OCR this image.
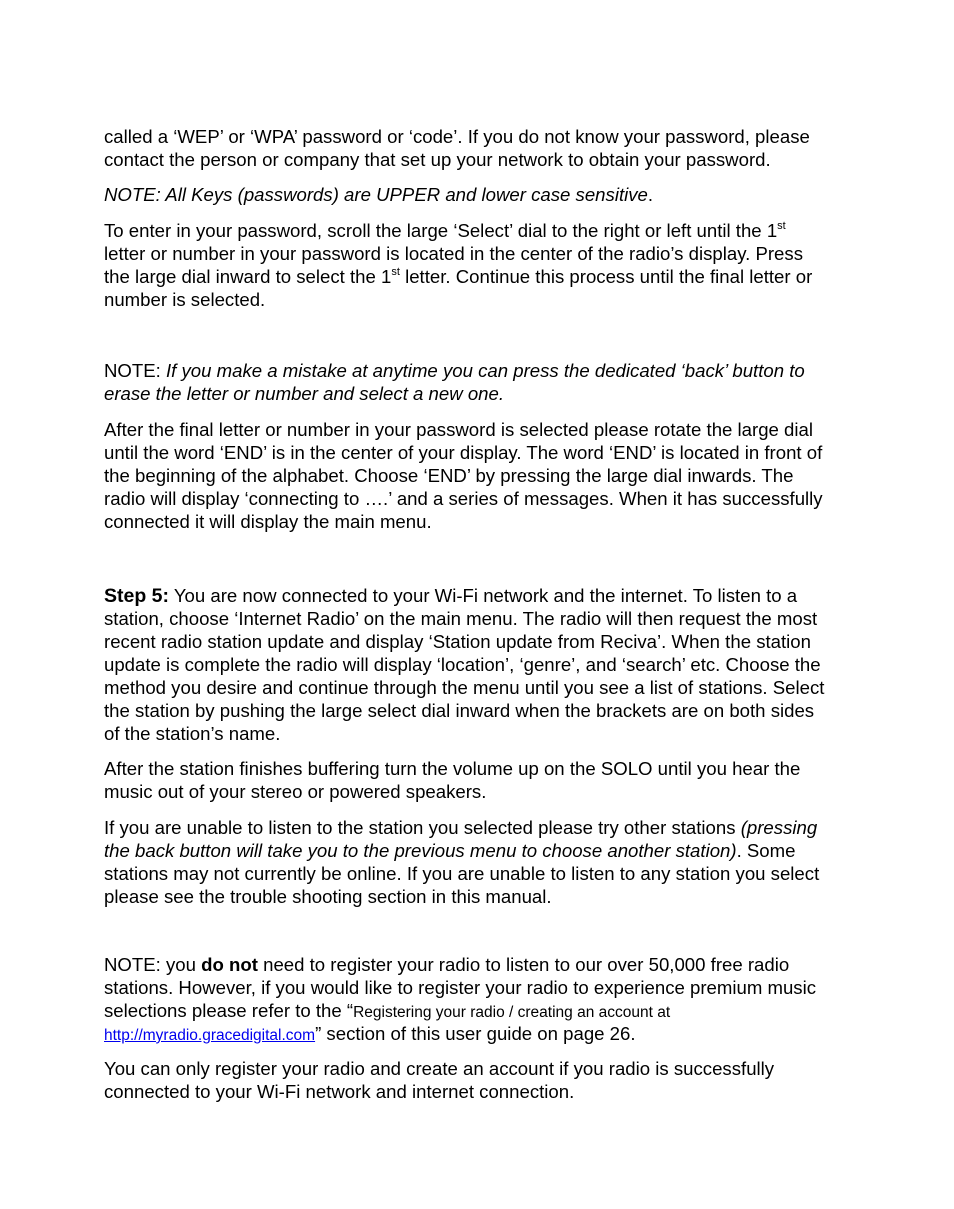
called a ‘WEP’ or ‘WPA’ password or ‘code’. If you do not know your password, please
contact the person or company that set up your network to obtain your password.
NOTE: All Keys (passwords) are UPPER and lower case sensitive.
To enter in your password, scroll the large ‘Select’ dial to the right or left until the 1st
letter or number in your password is located in the center of the radio’s display. Press
the large dial inward to select the 1st letter. Continue this process until the final letter or
number is selected.
NOTE: If you make a mistake at anytime you can press the dedicated ‘back’ button to
erase the letter or number and select a new one.
After the final letter or number in your password is selected please rotate the large dial
until the word ‘END’ is in the center of your display. The word ‘END’ is located in front of
the beginning of the alphabet. Choose ‘END’ by pressing the large dial inwards. The
radio will display ‘connecting to ….’ and a series of messages. When it has successfully
connected it will display the main menu.
Step 5: You are now connected to your Wi-Fi network and the internet. To listen to a
station, choose ‘Internet Radio’ on the main menu. The radio will then request the most
recent radio station update and display ‘Station update from Reciva’. When the station
update is complete the radio will display ‘location’, ‘genre’, and ‘search’ etc. Choose the
method you desire and continue through the menu until you see a list of stations. Select
the station by pushing the large select dial inward when the brackets are on both sides
of the station’s name.
After the station finishes buffering turn the volume up on the SOLO until you hear the
music out of your stereo or powered speakers.
If you are unable to listen to the station you selected please try other stations (pressing
the back button will take you to the previous menu to choose another station). Some
stations may not currently be online. If you are unable to listen to any station you select
please see the trouble shooting section in this manual.
NOTE: you do not need to register your radio to listen to our over 50,000 free radio
stations. However, if you would like to register your radio to experience premium music
selections please refer to the “Registering your radio / creating an account at
http://myradio.gracedigital.com” section of this user guide on page 26.
You can only register your radio and create an account if you radio is successfully
connected to your Wi-Fi network and internet connection.
